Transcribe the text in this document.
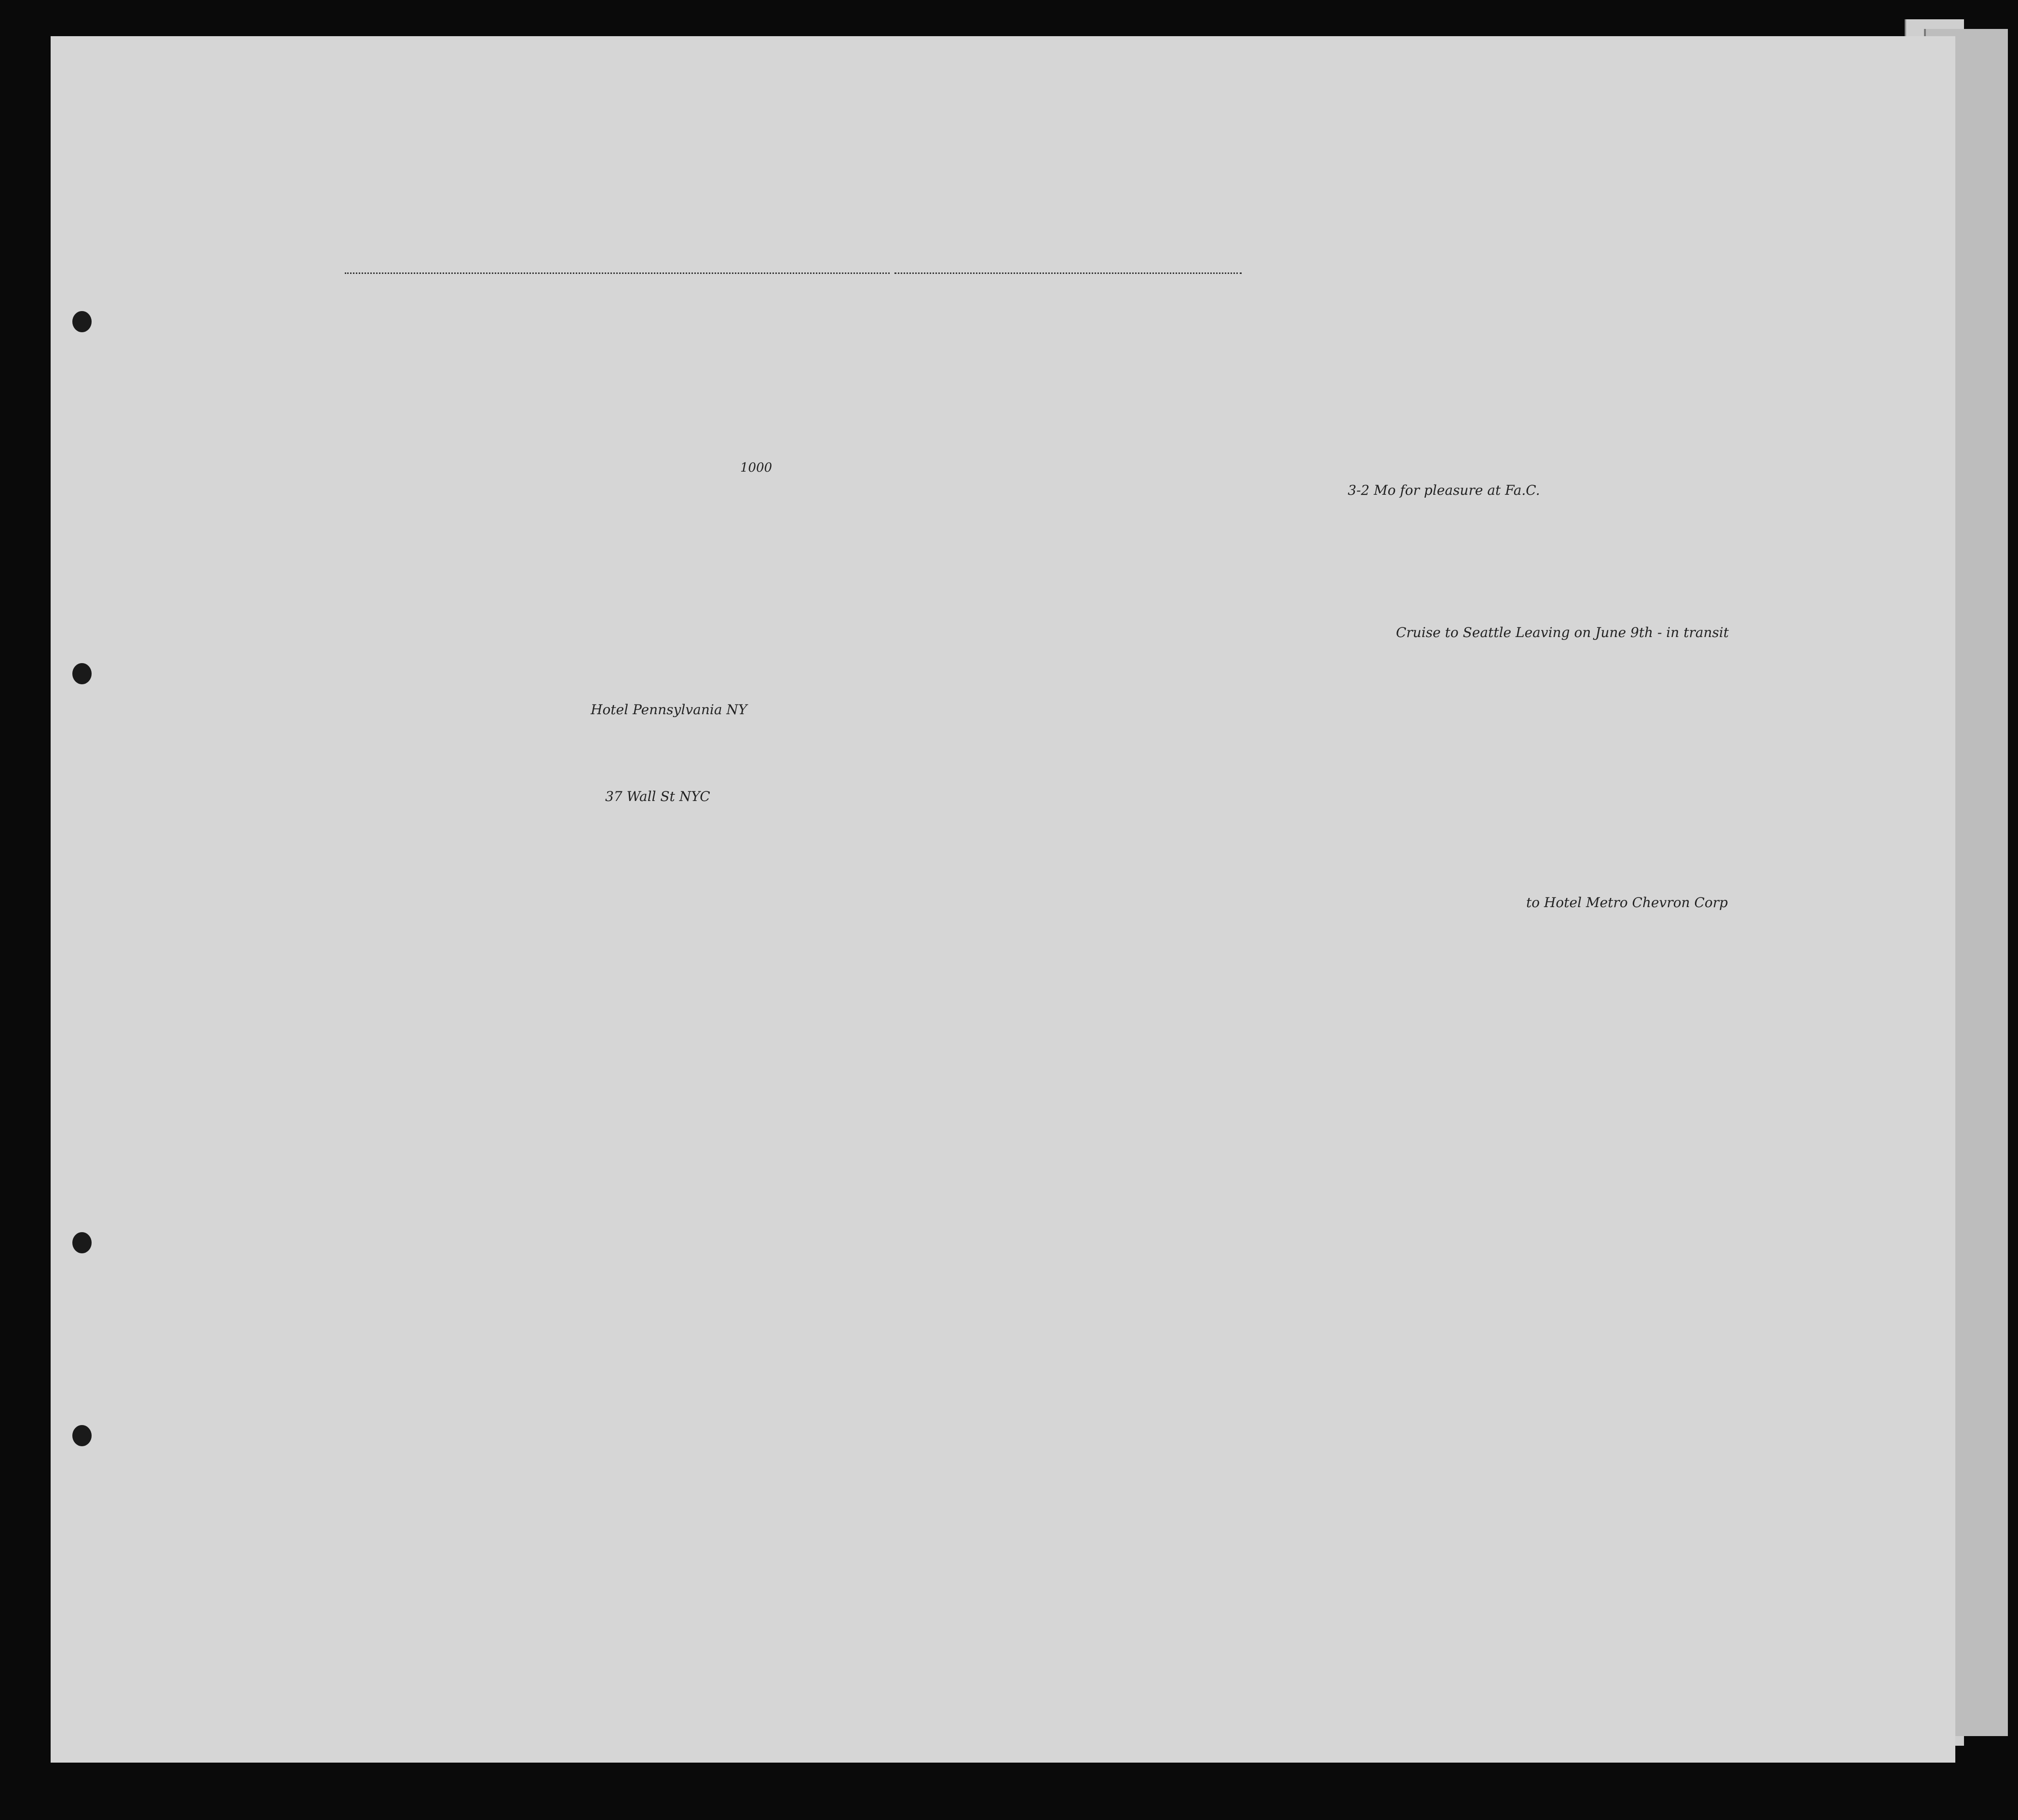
1000
3-2 Mo for pleasure at Fa.C.
Cruise to Seattle Leaving on June 9th - in transit
Hotel Pennsylvania NY
37 Wall St NYC
to Hotel Metro Chevron Corp
